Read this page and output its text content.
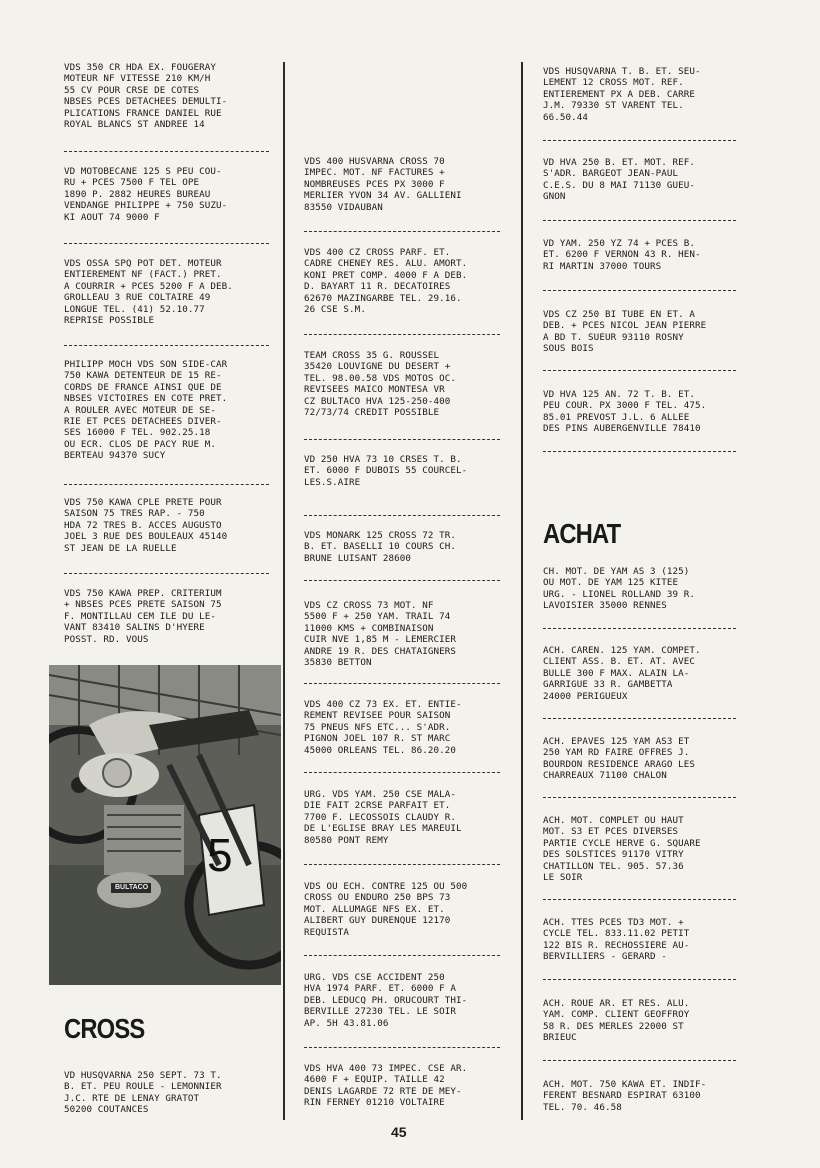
VDS 350 CR HDA EX. FOUGERAY
MOTEUR NF VITESSE 210 KM/H
55 CV POUR CRSE DE COTES
NBSES PCES DETACHEES DEMULTI-
PLICATIONS FRANCE DANIEL RUE
ROYAL BLANCS ST ANDREE 14
VD MOTOBECANE 125 S PEU COU-
RU + PCES 7500 F TEL OPE
1890 P. 2882 HEURES BUREAU
VENDANGE PHILIPPE + 750 SUZU-
KI AOUT 74 9000 F
VDS OSSA SPQ POT DET. MOTEUR
ENTIEREMENT NF (FACT.) PRET.
A COURRIR + PCES 5200 F A DEB.
GROLLEAU 3 RUE COLTAIRE 49
LONGUE TEL. (41) 52.10.77
REPRISE POSSIBLE
PHILIPP MOCH VDS SON SIDE-CAR
750 KAWA DETENTEUR DE 15 RE-
CORDS DE FRANCE AINSI QUE DE
NBSES VICTOIRES EN COTE PRET.
A ROULER AVEC MOTEUR DE SE-
RIE ET PCES DETACHEES DIVER-
SES 16000 F TEL. 902.25.18
OU ECR. CLOS DE PACY RUE M.
BERTEAU 94370 SUCY
VDS 750 KAWA CPLE PRETE POUR
SAISON 75 TRES RAP. - 750
HDA 72 TRES B. ACCES AUGUSTO
JOEL 3 RUE DES BOULEAUX 45140
ST JEAN DE LA RUELLE
VDS 750 KAWA PREP. CRITERIUM
+ NBSES PCES PRETE SAISON 75
F. MONTILLAU CEM ILE DU LE-
VANT 83410 SALINS D'HYERE
POSST. RD. VOUS
5
BULTACO
CROSS
VD HUSQVARNA 250 SEPT. 73 T.
B. ET. PEU ROULE - LEMONNIER
J.C. RTE DE LENAY GRATOT
50200 COUTANCES
VDS 400 HUSVARNA CROSS 70
IMPEC. MOT. NF FACTURES +
NOMBREUSES PCES PX 3000 F
MERLIER YVON 34 AV. GALLIENI
83550 VIDAUBAN
VDS 400 CZ CROSS PARF. ET.
CADRE CHENEY RES. ALU. AMORT.
KONI PRET COMP. 4000 F A DEB.
D. BAYART 11 R. DECATOIRES
62670 MAZINGARBE TEL. 29.16.
26 CSE S.M.
TEAM CROSS 35 G. ROUSSEL
35420 LOUVIGNE DU DESERT +
TEL. 98.00.58 VDS MOTOS OC.
REVISEES MAICO MONTESA VR
CZ BULTACO HVA 125-250-400
72/73/74 CREDIT POSSIBLE
VD 250 HVA 73 10 CRSES T. B.
ET. 6000 F DUBOIS 55 COURCEL-
LES.S.AIRE
VDS MONARK 125 CROSS 72 TR.
B. ET. BASELLI 10 COURS CH.
BRUNE LUISANT 28600
VDS CZ CROSS 73 MOT. NF
5500 F + 250 YAM. TRAIL 74
11000 KMS + COMBINAISON
CUIR NVE 1,85 M - LEMERCIER
ANDRE 19 R. DES CHATAIGNERS
35830 BETTON
VDS 400 CZ 73 EX. ET. ENTIE-
REMENT REVISEE POUR SAISON
75 PNEUS NFS ETC... S'ADR.
PIGNON JOEL 107 R. ST MARC
45000 ORLEANS TEL. 86.20.20
URG. VDS YAM. 250 CSE MALA-
DIE FAIT 2CRSE PARFAIT ET.
7700 F. LECOSSOIS CLAUDY R.
DE L'EGLISE BRAY LES MAREUIL
80580 PONT REMY
VDS OU ECH. CONTRE 125 OU 500
CROSS OU ENDURO 250 BPS 73
MOT. ALLUMAGE NFS EX. ET.
ALIBERT GUY DURENQUE 12170
REQUISTA
URG. VDS CSE ACCIDENT 250
HVA 1974 PARF. ET. 6000 F A
DEB. LEDUCQ PH. ORUCOURT THI-
BERVILLE 27230 TEL. LE SOIR
AP. 5H 43.81.06
VDS HVA 400 73 IMPEC. CSE AR.
4600 F + EQUIP. TAILLE 42
DENIS LAGARDE 72 RTE DE MEY-
RIN FERNEY 01210 VOLTAIRE
VDS HUSQVARNA T. B. ET. SEU-
LEMENT 12 CROSS MOT. REF.
ENTIEREMENT PX A DEB. CARRE
J.M. 79330 ST VARENT TEL.
66.50.44
VD HVA 250 B. ET. MOT. REF.
S'ADR. BARGEOT JEAN-PAUL
C.E.S. DU 8 MAI 71130 GUEU-
GNON
VD YAM. 250 YZ 74 + PCES B.
ET. 6200 F VERNON 43 R. HEN-
RI MARTIN 37000 TOURS
VDS CZ 250 BI TUBE EN ET. A
DEB. + PCES NICOL JEAN PIERRE
A BD T. SUEUR 93110 ROSNY
SOUS BOIS
VD HVA 125 AN. 72 T. B. ET.
PEU COUR. PX 3000 F TEL. 475.
85.01 PREVOST J.L. 6 ALLEE
DES PINS AUBERGENVILLE 78410
ACHAT
CH. MOT. DE YAM AS 3 (125)
OU MOT. DE YAM 125 KITEE
URG. - LIONEL ROLLAND 39 R.
LAVOISIER 35000 RENNES
ACH. CAREN. 125 YAM. COMPET.
CLIENT ASS. B. ET. AT. AVEC
BULLE 300 F MAX. ALAIN LA-
GARRIGUE 33 R. GAMBETTA
24000 PERIGUEUX
ACH. EPAVES 125 YAM AS3 ET
250 YAM RD FAIRE OFFRES J.
BOURDON RESIDENCE ARAGO LES
CHARREAUX 71100 CHALON
ACH. MOT. COMPLET OU HAUT
MOT. S3 ET PCES DIVERSES
PARTIE CYCLE HERVE G. SQUARE
DES SOLSTICES 91170 VITRY
CHATILLON TEL. 905. 57.36
LE SOIR
ACH. TTES PCES TD3 MOT. +
CYCLE TEL. 833.11.02 PETIT
122 BIS R. RECHOSSIERE AU-
BERVILLIERS - GERARD -
ACH. ROUE AR. ET RES. ALU.
YAM. COMP. CLIENT GEOFFROY
58 R. DES MERLES 22000 ST
BRIEUC
ACH. MOT. 750 KAWA ET. INDIF-
FERENT BESNARD ESPIRAT 63100
TEL. 70. 46.58
45
